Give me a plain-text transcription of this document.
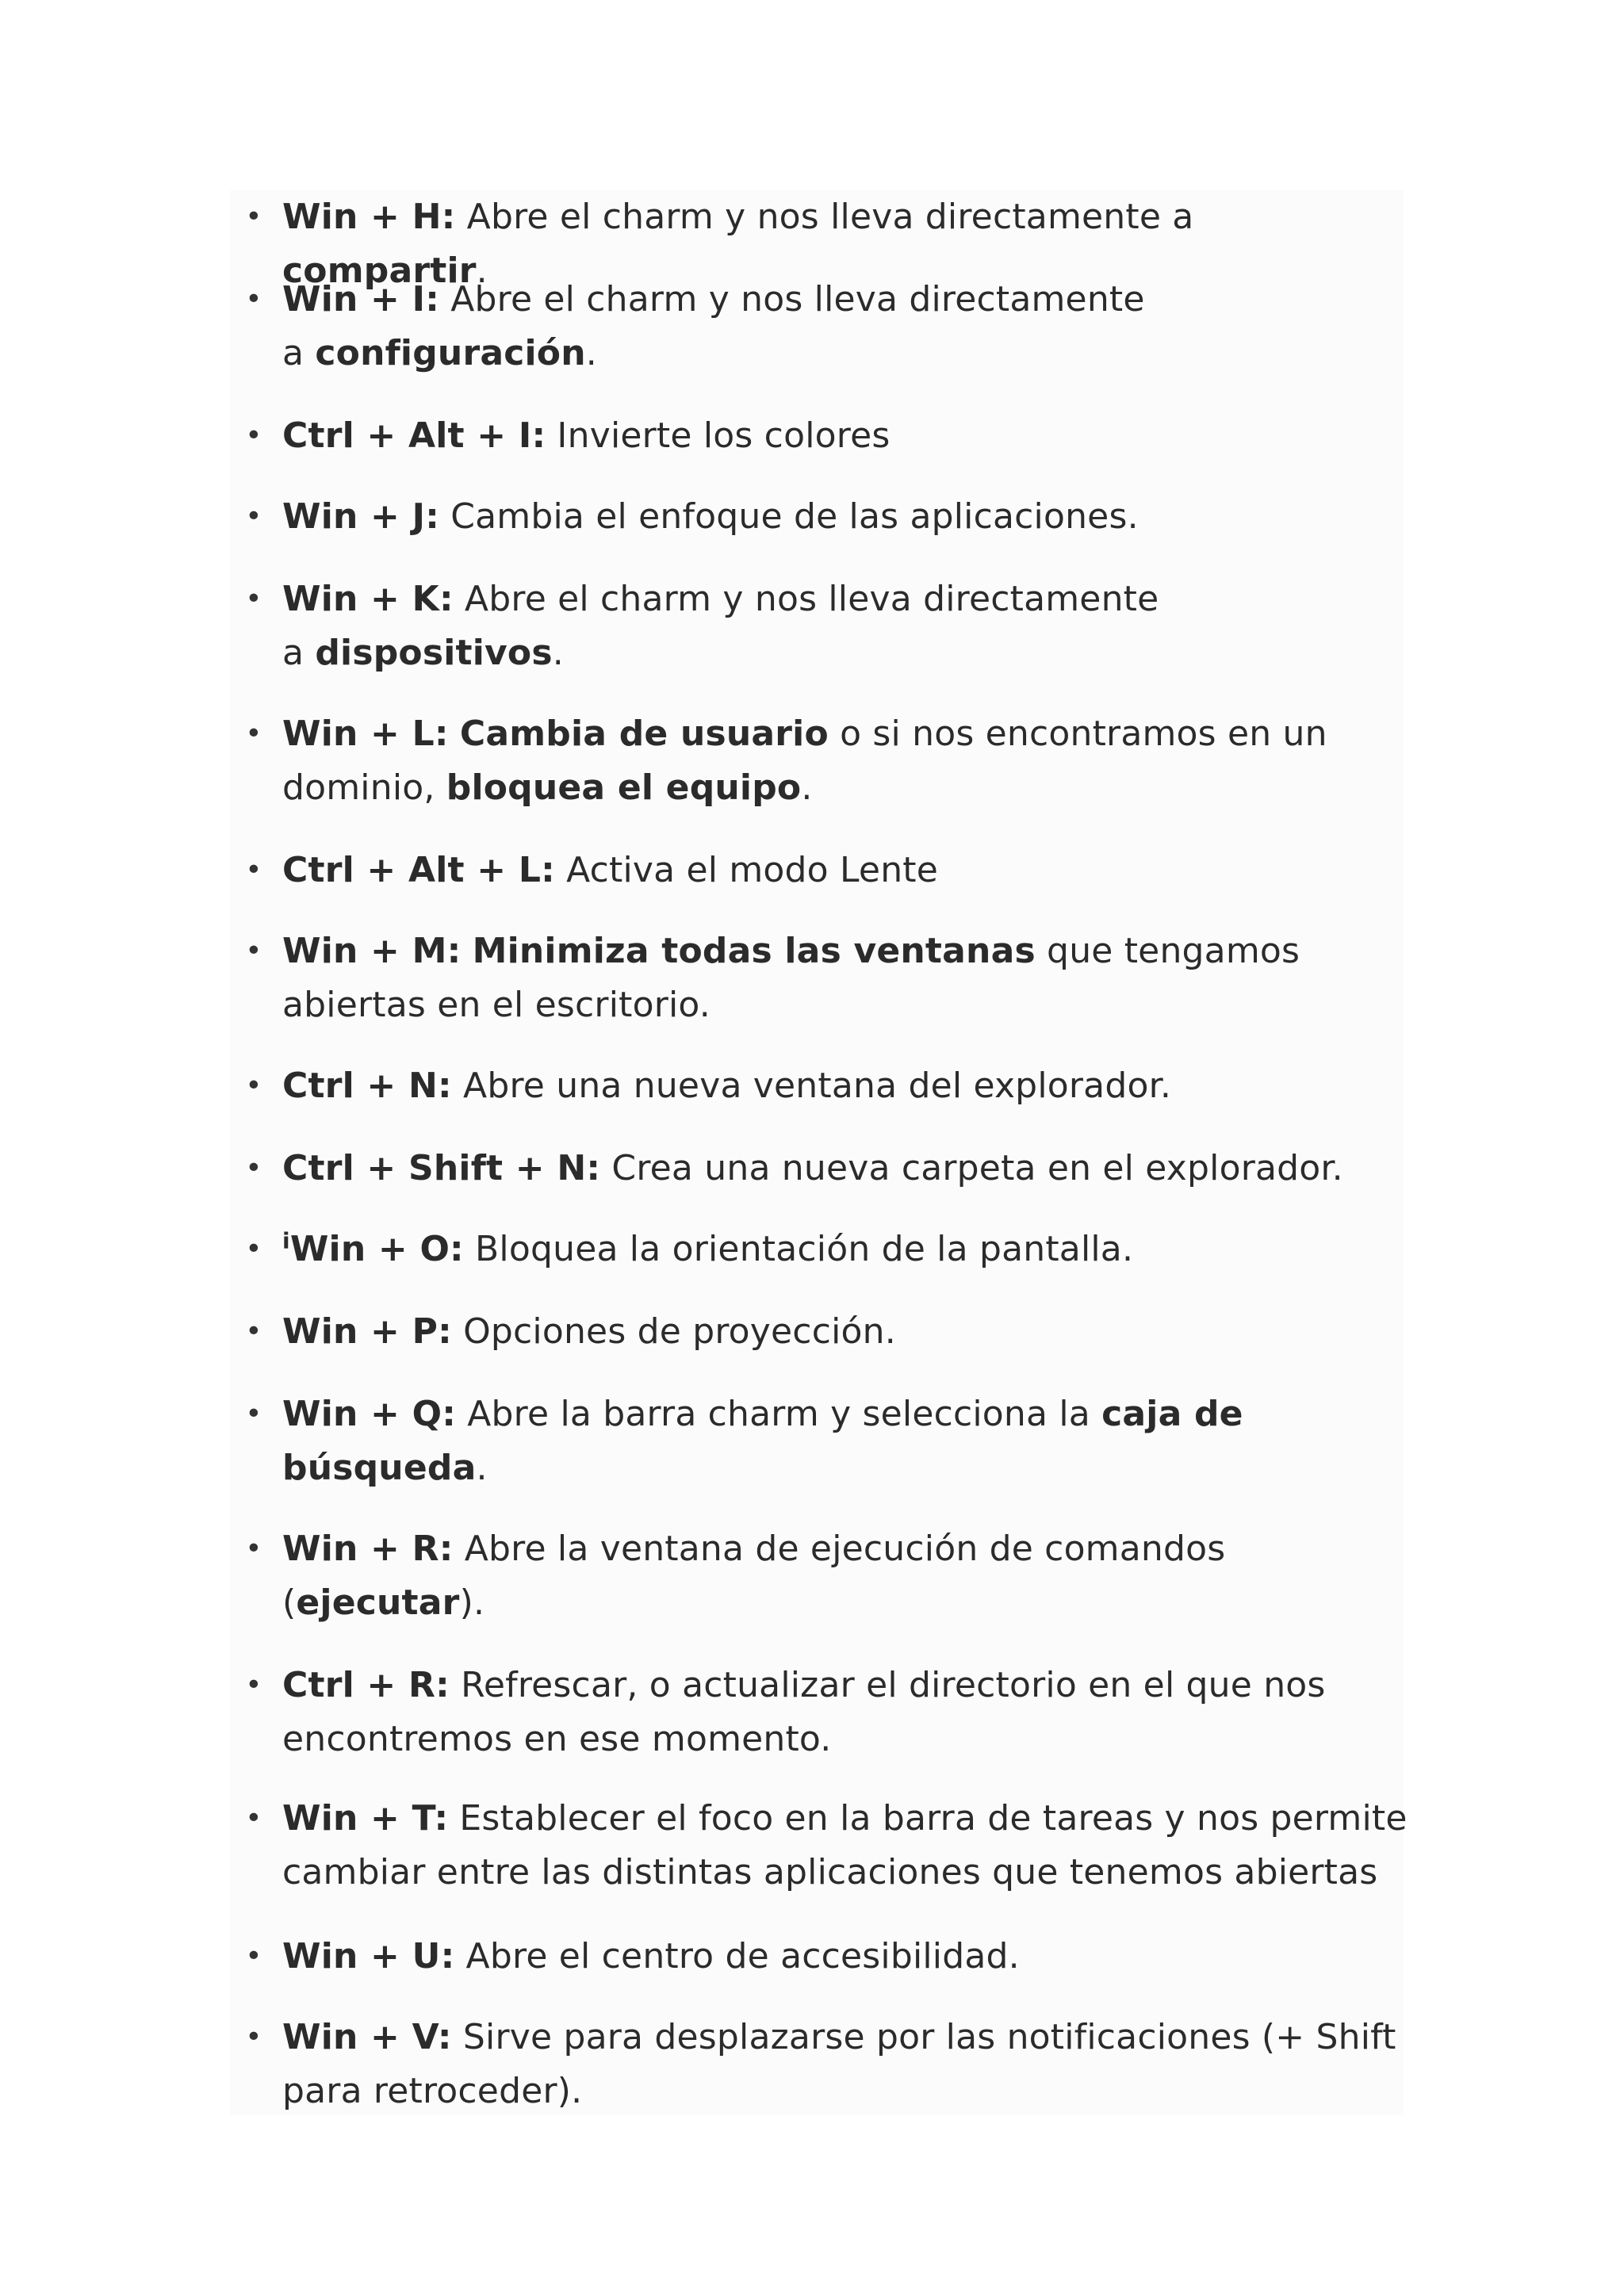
• Win + H: Abre el charm y nos lleva directamente a compartir.
• Win + I: Abre el charm y nos lleva directamente
a configuración.
• Ctrl + Alt + I: Invierte los colores
• Win + J: Cambia el enfoque de las aplicaciones.
• Win + K: Abre el charm y nos lleva directamente
a dispositivos.
• Win + L: Cambia de usuario o si nos encontramos en un
dominio, bloquea el equipo.
• Ctrl + Alt + L: Activa el modo Lente
• Win + M: Minimiza todas las ventanas que tengamos
abiertas en el escritorio.
• Ctrl + N: Abre una nueva ventana del explorador.
• Ctrl + Shift + N: Crea una nueva carpeta en el explorador.
• $^i$Win + O: Bloquea la orientación de la pantalla.
• Win + P: Opciones de proyección.
• Win + Q: Abre la barra charm y selecciona la caja de
búsqueda.
• Win + R: Abre la ventana de ejecución de comandos
(ejecutar).
• Ctrl + R: Refrescar, o actualizar el directorio en el que nos
encontremos en ese momento.
• Win + T: Establecer el foco en la barra de tareas y nos permite
cambiar entre las distintas aplicaciones que tenemos abiertas
• Win + U: Abre el centro de accesibilidad.
• Win + V: Sirve para desplazarse por las notificaciones (+ Shift
para retroceder).
